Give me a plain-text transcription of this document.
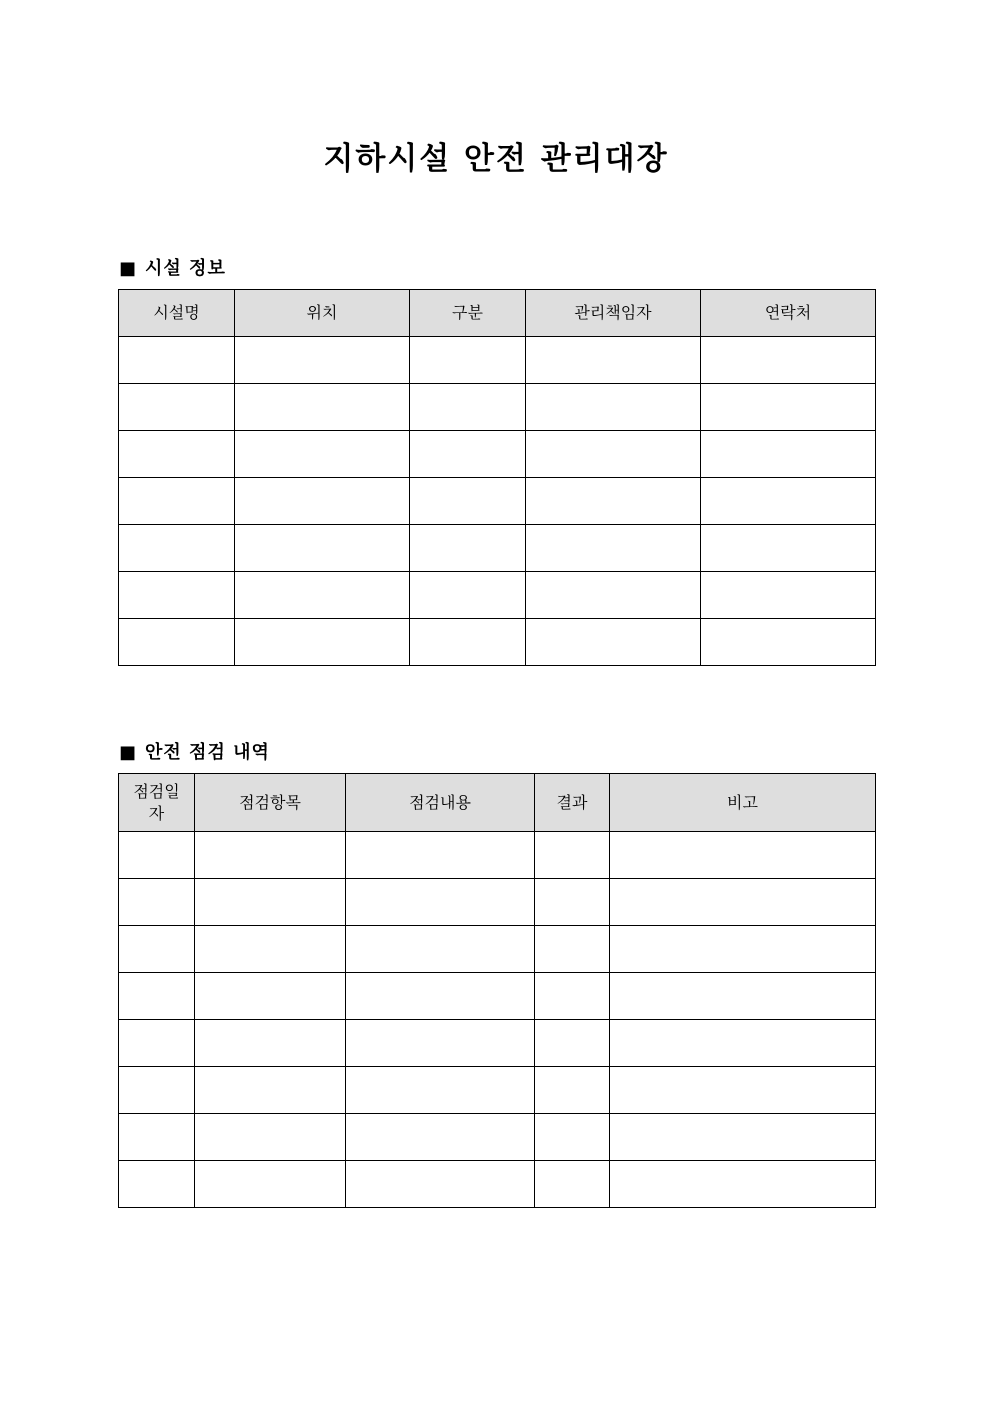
지하시설 안전 관리대장
■ 시설 정보
시설명	위치	구분	관리책임자	연락처

■ 안전 점검 내역
점검일자	점검항목	점검내용	결과	비고
